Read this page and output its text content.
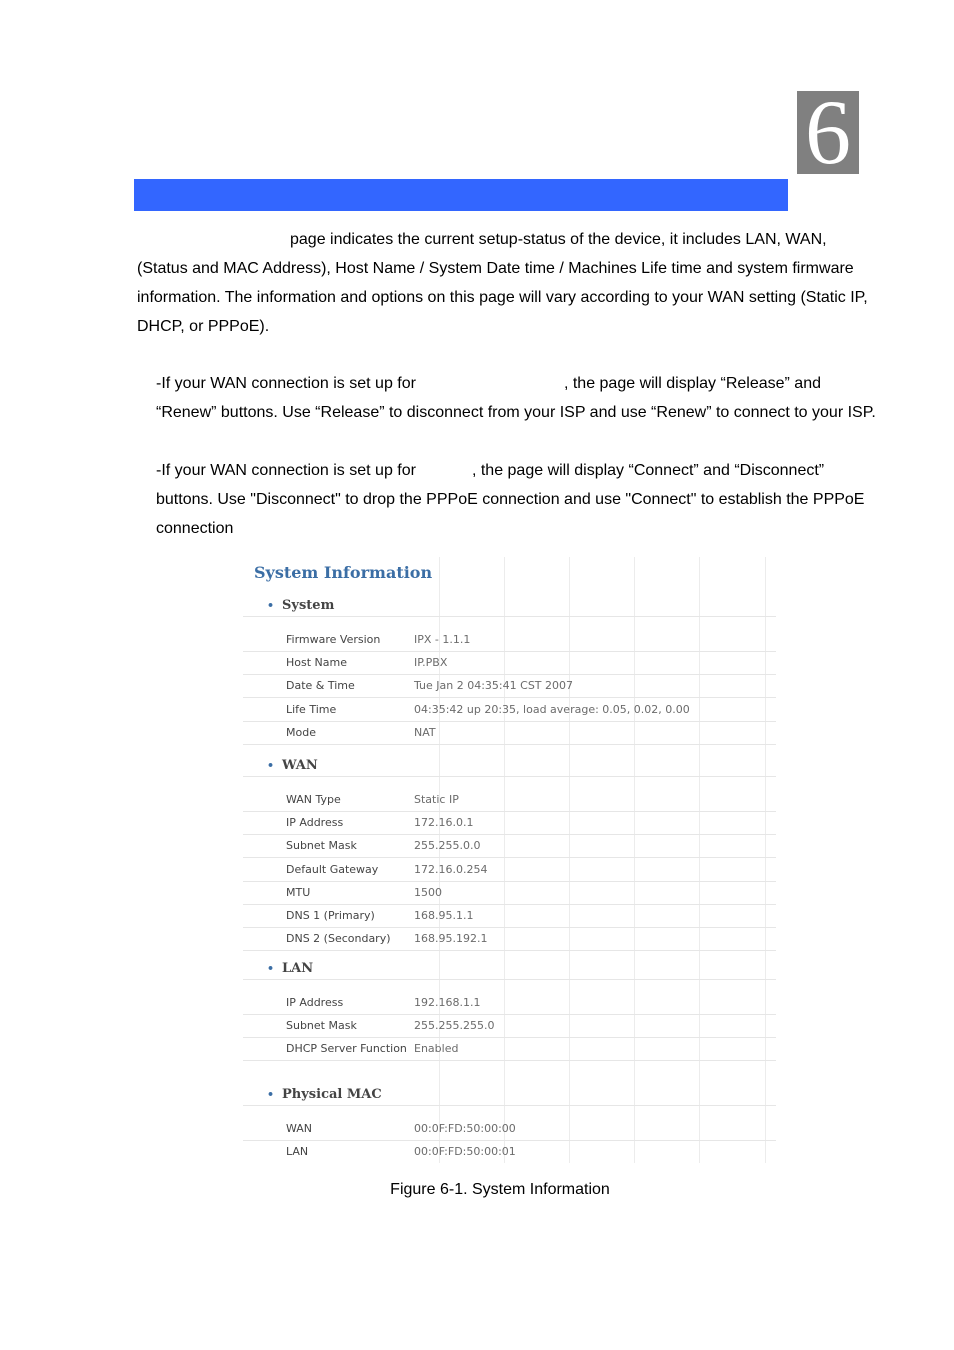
6

page indicates the current setup-status of the device, it includes LAN, WAN, (Status and MAC Address), Host Name / System Date time / Machines Life time and system firmware information. The information and options on this page will vary according to your WAN setting (Static IP, DHCP, or PPPoE).

-If your WAN connection is set up for	, the page will display “Release” and “Renew” buttons. Use “Release” to disconnect from your ISP and use “Renew” to connect to your ISP.

-If your WAN connection is set up for	, the page will display “Connect” and “Disconnect” buttons. Use "Disconnect" to drop the PPPoE connection and use "Connect" to establish the PPPoE connection

System Information
• System
Firmware Version	IPX - 1.1.1
Host Name	IP.PBX
Date & Time	Tue Jan 2 04:35:41 CST 2007
Life Time	04:35:42 up 20:35, load average: 0.05, 0.02, 0.00
Mode	NAT
• WAN
WAN Type	Static IP
IP Address	172.16.0.1
Subnet Mask	255.255.0.0
Default Gateway	172.16.0.254
MTU	1500
DNS 1 (Primary)	168.95.1.1
DNS 2 (Secondary) 168.95.192.1
• LAN
IP Address	192.168.1.1
Subnet Mask	255.255.255.0
DHCP Server Function Enabled
• Physical MAC
WAN	00:0F:FD:50:00:00
LAN	00:0F:FD:50:00:01
Figure 6-1. System Information
